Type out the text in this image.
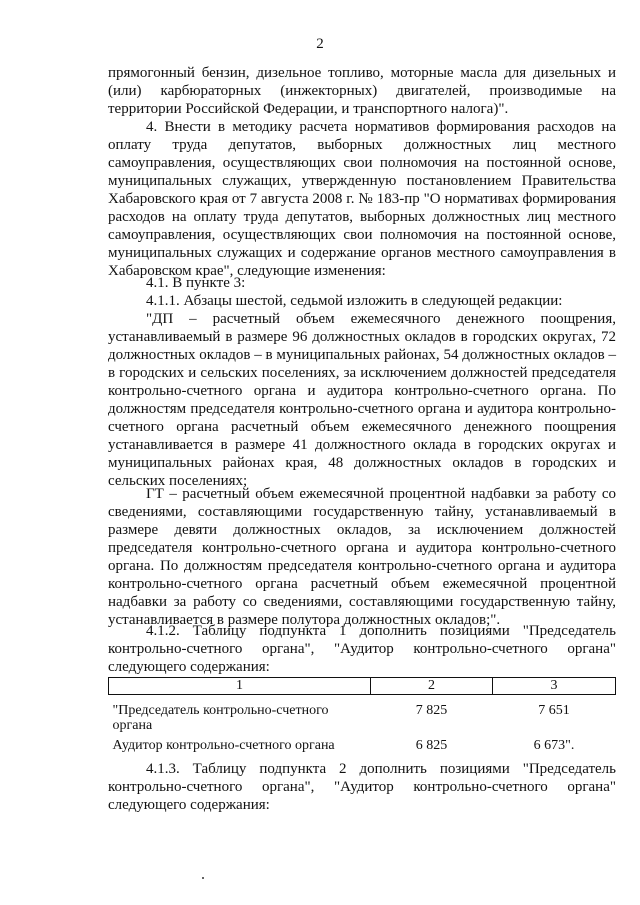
2

прямогонный бензин, дизельное топливо, моторные масла для дизельных и (или) карбюраторных (инжекторных) двигателей, производимые на территории Российской Федерации, и транспортного налога)".

4. Внести в методику расчета нормативов формирования расходов на оплату труда депутатов, выборных должностных лиц местного самоуправления, осуществляющих свои полномочия на постоянной основе, муниципальных служащих, утвержденную постановлением Правительства Хабаровского края от 7 августа 2008 г. № 183-пр "О нормативах формирования расходов на оплату труда депутатов, выборных должностных лиц местного самоуправления, осуществляющих свои полномочия на постоянной основе, муниципальных служащих и содержание органов местного самоуправления в Хабаровском крае", следующие изменения:

4.1. В пункте 3:

4.1.1. Абзацы шестой, седьмой изложить в следующей редакции:

"ДП – расчетный объем ежемесячного денежного поощрения, устанавливаемый в размере 96 должностных окладов в городских округах, 72 должностных окладов – в муниципальных районах, 54 должностных окладов – в городских и сельских поселениях, за исключением должностей председателя контрольно-счетного органа и аудитора контрольно-счетного органа. По должностям председателя контрольно-счетного органа и аудитора контрольно-счетного органа расчетный объем ежемесячного денежного поощрения устанавливается в размере 41 должностного оклада в городских округах и муниципальных районах края, 48 должностных окладов в городских и сельских поселениях;

ГТ – расчетный объем ежемесячной процентной надбавки за работу со сведениями, составляющими государственную тайну, устанавливаемый в размере девяти должностных окладов, за исключением должностей председателя контрольно-счетного органа и аудитора контрольно-счетного органа. По должностям председателя контрольно-счетного органа и аудитора контрольно-счетного органа расчетный объем ежемесячной процентной надбавки за работу со сведениями, составляющими государственную тайну, устанавливается в размере полутора должностных окладов;".

4.1.2. Таблицу подпункта 1 дополнить позициями "Председатель контрольно-счетного органа", "Аудитор контрольно-счетного органа" следующего содержания:

1	2	3
"Председатель контрольно-счетного органа	7 825	7 651
Аудитор контрольно-счетного органа	6 825	6 673".

4.1.3. Таблицу подпункта 2 дополнить позициями "Председатель контрольно-счетного органа", "Аудитор контрольно-счетного органа" следующего содержания:
